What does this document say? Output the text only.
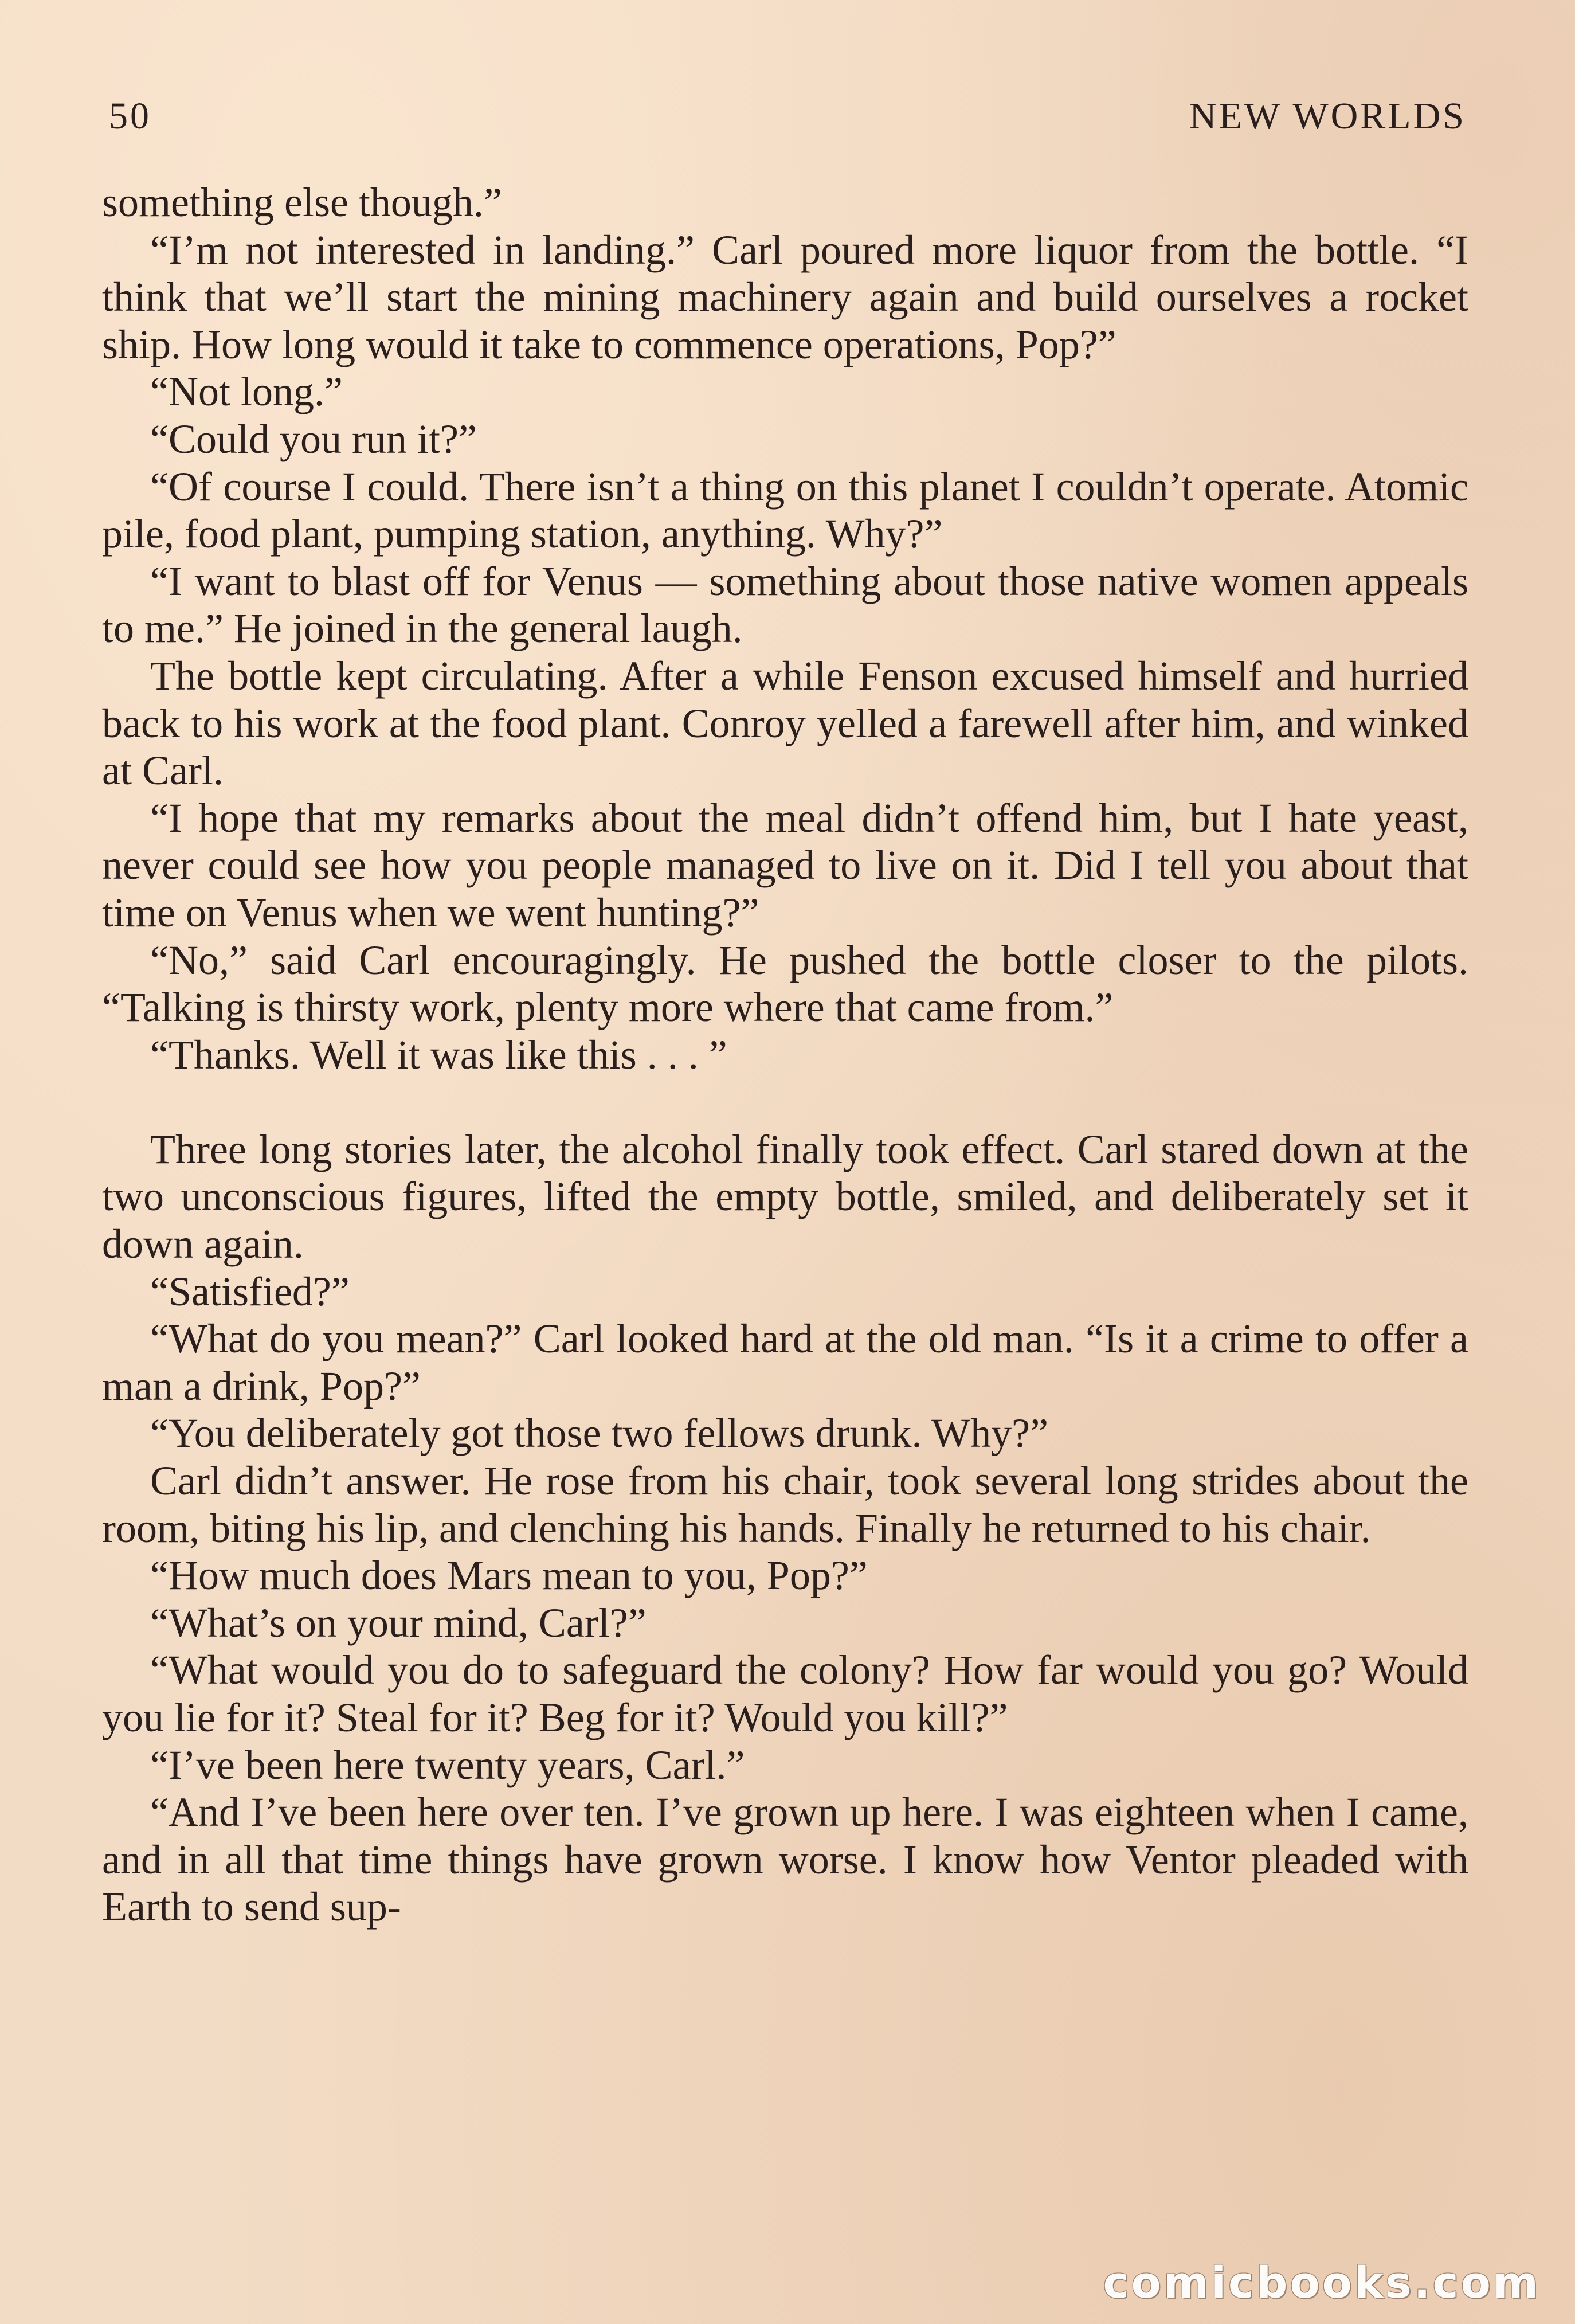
50	NEW WORLDS

something else though.”

“I’m not interested in landing.” Carl poured more liquor from the bottle. “I think that we’ll start the mining machinery again and build ourselves a rocket ship. How long would it take to commence operations, Pop?”

“Not long.”

“Could you run it?”

“Of course I could. There isn’t a thing on this planet I couldn’t operate. Atomic pile, food plant, pumping station, anything. Why?”

“I want to blast off for Venus — something about those native women appeals to me.” He joined in the general laugh.

The bottle kept circulating. After a while Fenson excused himself and hurried back to his work at the food plant. Conroy yelled a farewell after him, and winked at Carl.

“I hope that my remarks about the meal didn’t offend him, but I hate yeast, never could see how you people managed to live on it. Did I tell you about that time on Venus when we went hunting?”

“No,” said Carl encouragingly. He pushed the bottle closer to the pilots. “Talking is thirsty work, plenty more where that came from.”

“Thanks. Well it was like this . . . ”

Three long stories later, the alcohol finally took effect. Carl stared down at the two unconscious figures, lifted the empty bottle, smiled, and deliberately set it down again.

“Satisfied?”

“What do you mean?” Carl looked hard at the old man. “Is it a crime to offer a man a drink, Pop?”

“You deliberately got those two fellows drunk. Why?”

Carl didn’t answer. He rose from his chair, took several long strides about the room, biting his lip, and clenching his hands. Finally he returned to his chair.

“How much does Mars mean to you, Pop?”

“What’s on your mind, Carl?”

“What would you do to safeguard the colony? How far would you go? Would you lie for it? Steal for it? Beg for it? Would you kill?”

“I’ve been here twenty years, Carl.”

“And I’ve been here over ten. I’ve grown up here. I was eighteen when I came, and in all that time things have grown worse. I know how Ventor pleaded with Earth to send sup-

comicbooks.com
